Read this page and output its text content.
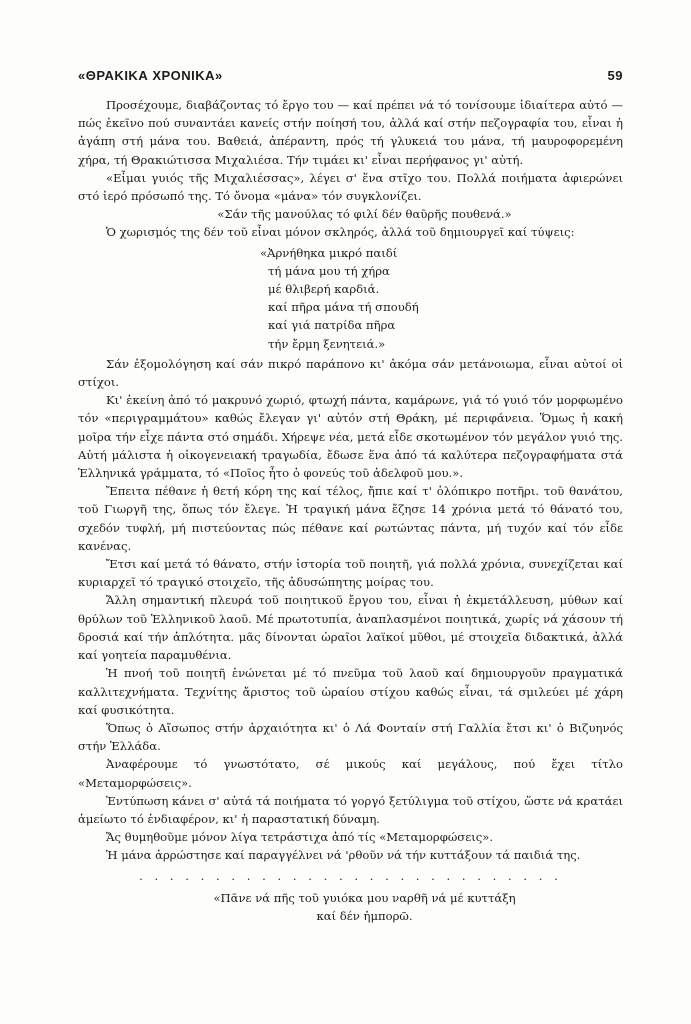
«ΘΡΑΚΙΚΑ ΧΡΟΝΙΚΑ»	59

Προσέχουμε, διαβάζοντας τό ἔργο του — καί πρέπει νά τό τονίσουμε ἰδιαίτερα αὐτό — πώς ἐκεῖνο πού συναντάει κανείς στήν ποίησή του, ἀλλά καί στήν πεζογραφία του, εἶναι ἡ ἀγάπη στή μάνα του. Βαθειά, ἀπέραντη, πρός τή γλυκειά του μάνα, τή μαυροφορεμένη χήρα, τή Θρακιώτισσα Μιχαλιέσα. Τήν τιμάει κι' εἶναι περήφανος γι' αὐτή.

«Εἶμαι γυιός τῆς Μιχαλιέσσας», λέγει σ' ἕνα στῖχο του. Πολλά ποιήματα ἀφιερώνει στό ἱερό πρόσωπό της. Τό ὄνομα «μάνα» τόν συγκλονίζει.

«Σάν τῆς μανούλας τό φιλί δέν θαῦρῆς πουθενά.»

Ὁ χωρισμός της δέν τοῦ εἶναι μόνον σκληρός, ἀλλά τοῦ δημιουργεῖ καί τύψεις:

«Ἀρνήθηκα μικρό παιδί
τή μάνα μου τή χήρα
μέ θλιβερή καρδιά.
καί πῆρα μάνα τή σπουδή
καί γιά πατρίδα πῆρα
τήν ἔρμη ξενητειά.»

Σάν ἐξομολόγηση καί σάν πικρό παράπονο κι' ἀκόμα σάν μετάνοιωμα, εἶναι αὐτοί οἱ στίχοι.

Κι' ἐκείνη ἀπό τό μακρυνό χωριό, φτωχή πάντα, καμάρωνε, γιά τό γυιό τόν μορφωμένο τόν «περιγραμμάτου» καθώς ἔλεγαν γι' αὐτόν στή Θράκη, μέ περιφάνεια. Ὅμως ἡ κακή μοῖρα τήν εἶχε πάντα στό σημάδι. Χήρεψε νέα, μετά εἶδε σκοτωμένον τόν μεγάλον γυιό της. Αὐτή μάλιστα ἡ οἰκογενειακή τραγωδία, ἔδωσε ἕνα ἀπό τά καλύτερα πεζογραφήματα στά Ἑλληνικά γράμματα, τό «Ποῖος ἦτο ὁ φονεύς τοῦ ἀδελφοῦ μου.».

Ἔπειτα πέθανε ἡ θετή κόρη της καί τέλος, ἤπιε καί τ' ὁλόπικρο ποτῆρι. τοῦ θανάτου, τοῦ Γιωργῆ της, ὅπως τόν ἔλεγε. Ἡ τραγική μάνα ἔζησε 14 χρόνια μετά τό θάνατό του, σχεδόν τυφλή, μή πιστεύοντας πώς πέθανε καί ρωτώντας πάντα, μή τυχόν καί τόν εἶδε κανένας.

Ἔτσι καί μετά τό θάνατο, στήν ἱστορία τοῦ ποιητῆ, γιά πολλά χρόνια, συνεχίζεται καί κυριαρχεῖ τό τραγικό στοιχεῖο, τῆς ἀδυσώπητης μοίρας του.

Ἄλλη σημαντική πλευρά τοῦ ποιητικοῦ ἔργου του, εἶναι ἡ ἐκμετάλλευση, μύθων καί θρύλων τοῦ Ἑλληνικοῦ λαοῦ. Μέ πρωτοτυπία, ἀναπλασμένοι ποιητικά, χωρίς νά χάσουν τή δροσιά καί τήν ἁπλότητα. μᾶς δίνονται ὡραῖοι λαϊκοί μῦθοι, μέ στοιχεῖα διδακτικά, ἀλλά καί γοητεία παραμυθένια.

Ἡ πνοή τοῦ ποιητῆ ἑνώνεται μέ τό πνεῦμα τοῦ λαοῦ καί δημιουργοῦν πραγματικά καλλιτεχνήματα. Τεχνίτης ἄριστος τοῦ ὡραίου στίχου καθώς εἶναι, τά σμιλεύει μέ χάρη καί φυσικότητα.

Ὅπως ὁ Αἴσωπος στήν ἀρχαιότητα κι' ὁ Λά Φονταίν στή Γαλλία ἔτσι κι' ὁ Βιζυηνός στήν Ἑλλάδα.

Ἀναφέρουμε τό γνωστότατο, σέ μικούς καί μεγάλους, πού ἔχει τίτλο «Μεταμορφώσεις».

Ἐντύπωση κάνει σ' αὐτά τά ποιήματα τό γοργό ξετύλιγμα τοῦ στίχου, ὥστε νά κρατάει ἀμείωτο τό ἐνδιαφέρον, κι' ἡ παραστατική δύναμη.

Ἄς θυμηθοῦμε μόνον λίγα τετράστιχα ἀπό τίς «Μεταμορφώσεις».

Ἡ μάνα ἀρρώστησε καί παραγγέλνει νά 'ρθοῦν νά τήν κυττάξουν τά παιδιά της.

. . . . . . . . . . . . . . . . . . . . . . . . . . . .

«Πᾶνε νά πῆς τοῦ γυιόκα μου ναρθῆ νά μέ κυττάξη

καί δέν ἠμπορῶ.
